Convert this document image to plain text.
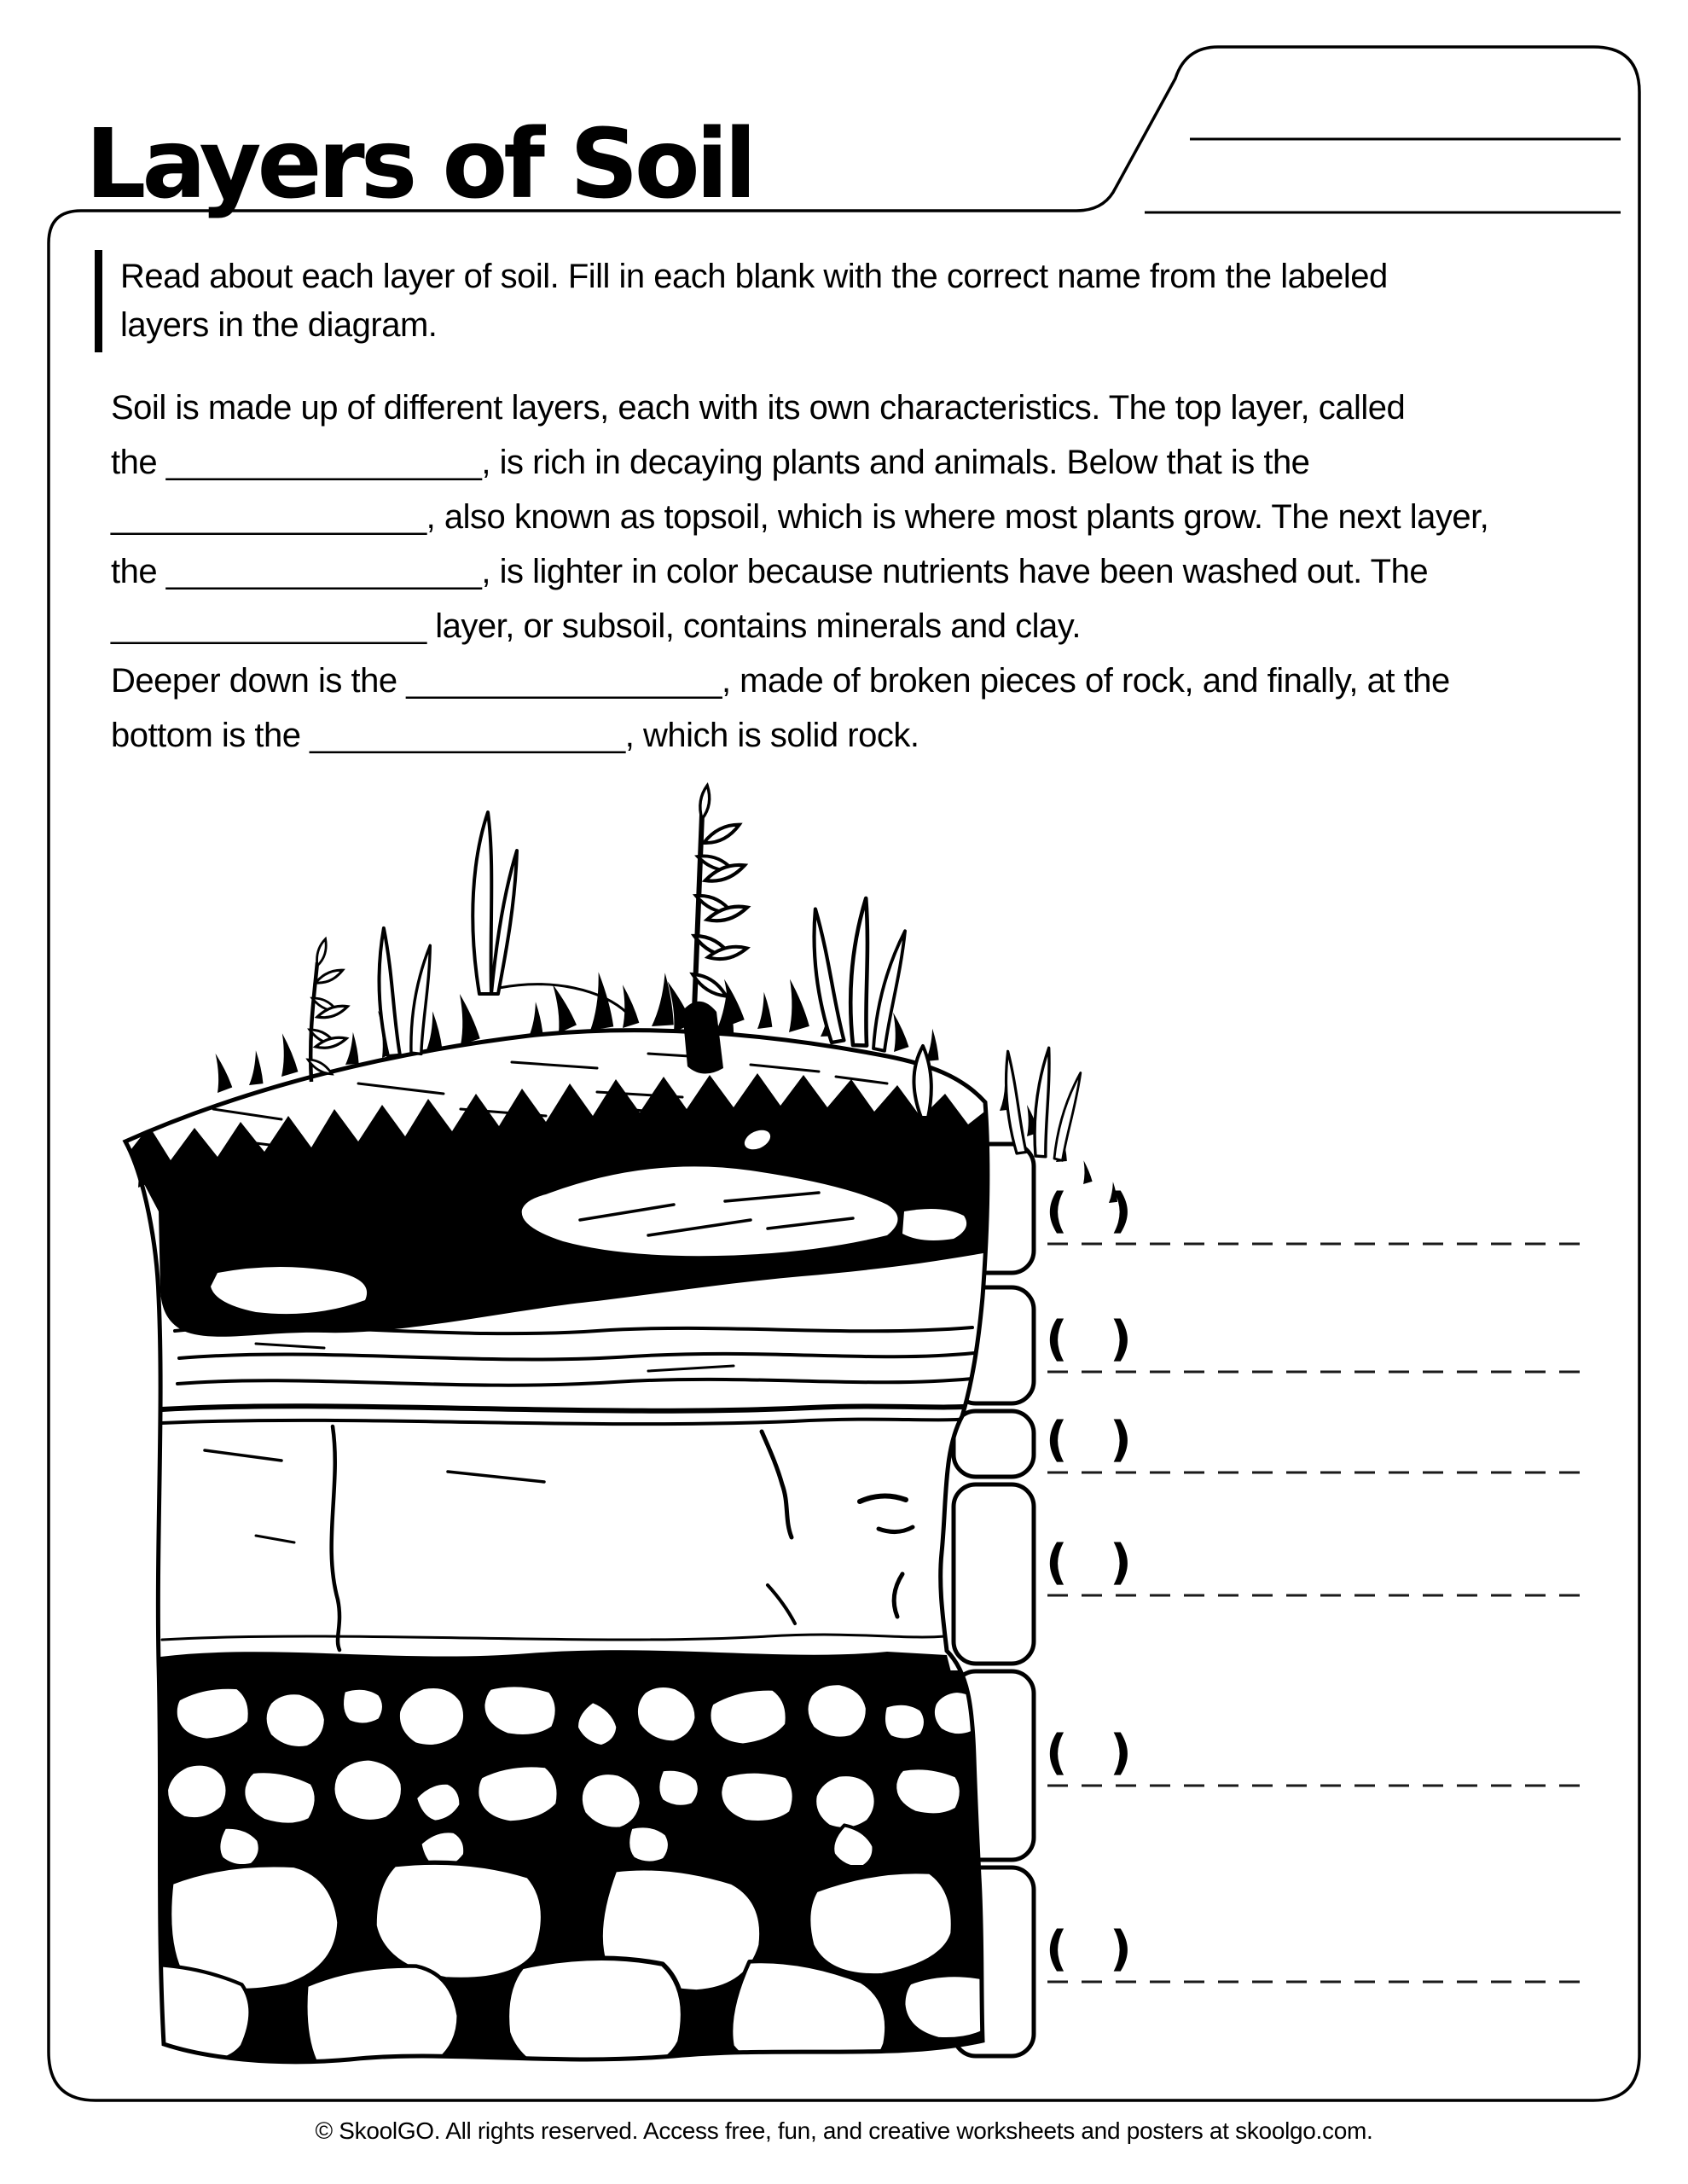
Layers of Soil
Read about each layer of soil. Fill in each blank with the correct name from the labeled
layers in the diagram.
Soil is made up of different layers, each with its own characteristics. The top layer, called
the _________________, is rich in decaying plants and animals. Below that is the
_________________, also known as topsoil, which is where most plants grow. The next layer,
the _________________, is lighter in color because nutrients have been washed out. The
_________________ layer, or subsoil, contains minerals and clay.
Deeper down is the _________________, made of broken pieces of rock, and finally, at the
bottom is the _________________, which is solid rock.
( )
( )
( )
( )
( )
( )
© SkoolGO. All rights reserved. Access free, fun, and creative worksheets and posters at skoolgo.com.
